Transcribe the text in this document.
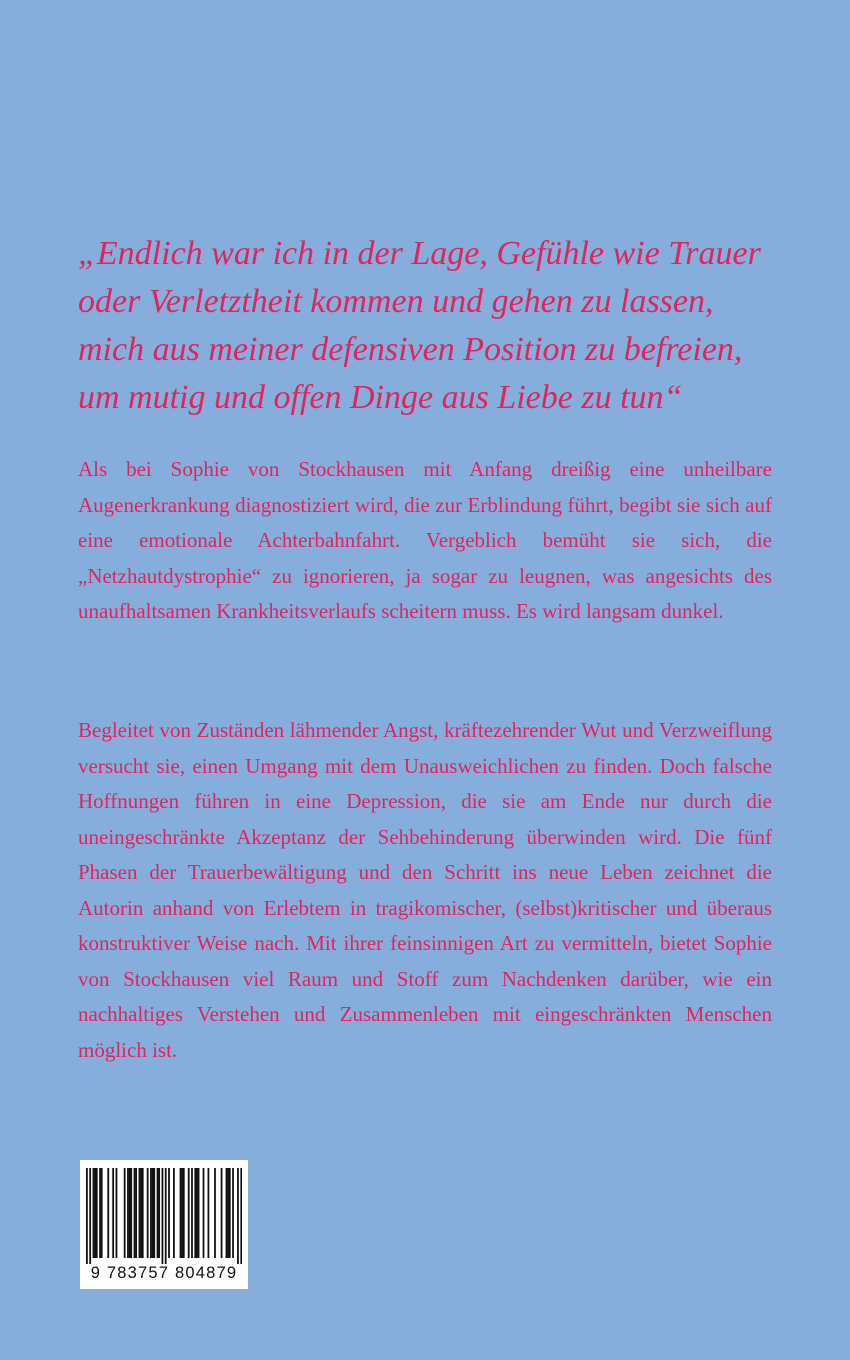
„Endlich war ich in der Lage, Gefühle wie Trauer
oder Verletztheit kommen und gehen zu lassen,
mich aus meiner defensiven Position zu befreien,
um mutig und offen Dinge aus Liebe zu tun“

Als bei Sophie von Stockhausen mit Anfang dreißig eine unheilbare Augenerkrankung diagnostiziert wird, die zur Erblindung führt, begibt sie sich auf eine emotionale Achterbahnfahrt. Vergeblich bemüht sie sich, die „Netzhautdystrophie“ zu ignorieren, ja sogar zu leugnen, was angesichts des unaufhaltsamen Krankheitsverlaufs scheitern muss. Es wird langsam dunkel.

Begleitet von Zuständen lähmender Angst, kräftezehrender Wut und Verzweiflung versucht sie, einen Umgang mit dem Unausweichlichen zu finden. Doch falsche Hoffnungen führen in eine Depression, die sie am Ende nur durch die uneingeschränkte Akzeptanz der Sehbehinderung überwinden wird. Die fünf Phasen der Trauerbewältigung und den Schritt ins neue Leben zeichnet die Autorin anhand von Erlebtem in tragikomischer, (selbst)kritischer und überaus konstruktiver Weise nach. Mit ihrer feinsinnigen Art zu vermitteln, bietet Sophie von Stockhausen viel Raum und Stoff zum Nachdenken darüber, wie ein nachhaltiges Verstehen und Zusammenleben mit eingeschränkten Menschen möglich ist.

9 783757 804879
